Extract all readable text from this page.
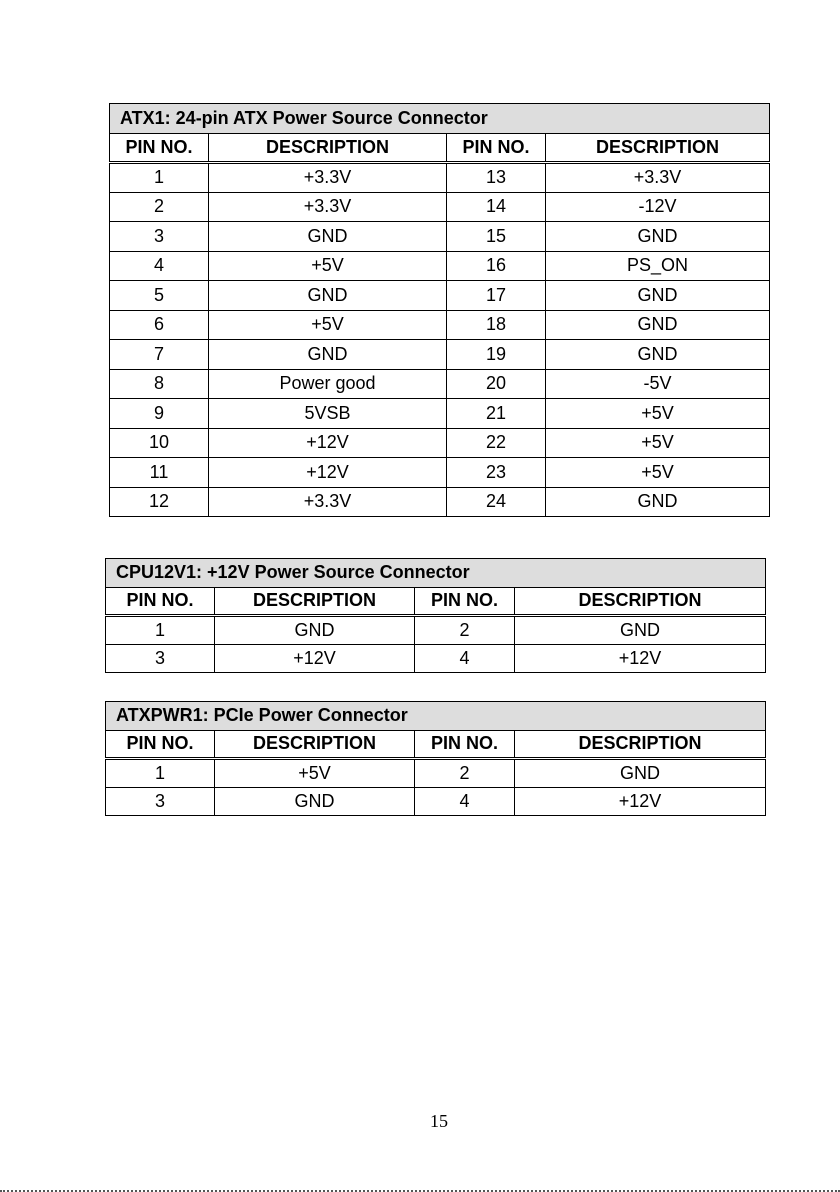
ATX1: 24-pin ATX Power Source Connector			
PIN NO.	DESCRIPTION	PIN NO.	DESCRIPTION
1	+3.3V	13	+3.3V
2	+3.3V	14	-12V
3	GND	15	GND
4	+5V	16	PS_ON
5	GND	17	GND
6	+5V	18	GND
7	GND	19	GND
8	Power good	20	-5V
9	5VSB	21	+5V
10	+12V	22	+5V
11	+12V	23	+5V
12	+3.3V	24	GND
CPU12V1: +12V Power Source Connector			
PIN NO.	DESCRIPTION	PIN NO.	DESCRIPTION
1	GND	2	GND
3	+12V	4	+12V
ATXPWR1: PCIe Power Connector			
PIN NO.	DESCRIPTION	PIN NO.	DESCRIPTION
1	+5V	2	GND
3	GND	4	+12V
15
